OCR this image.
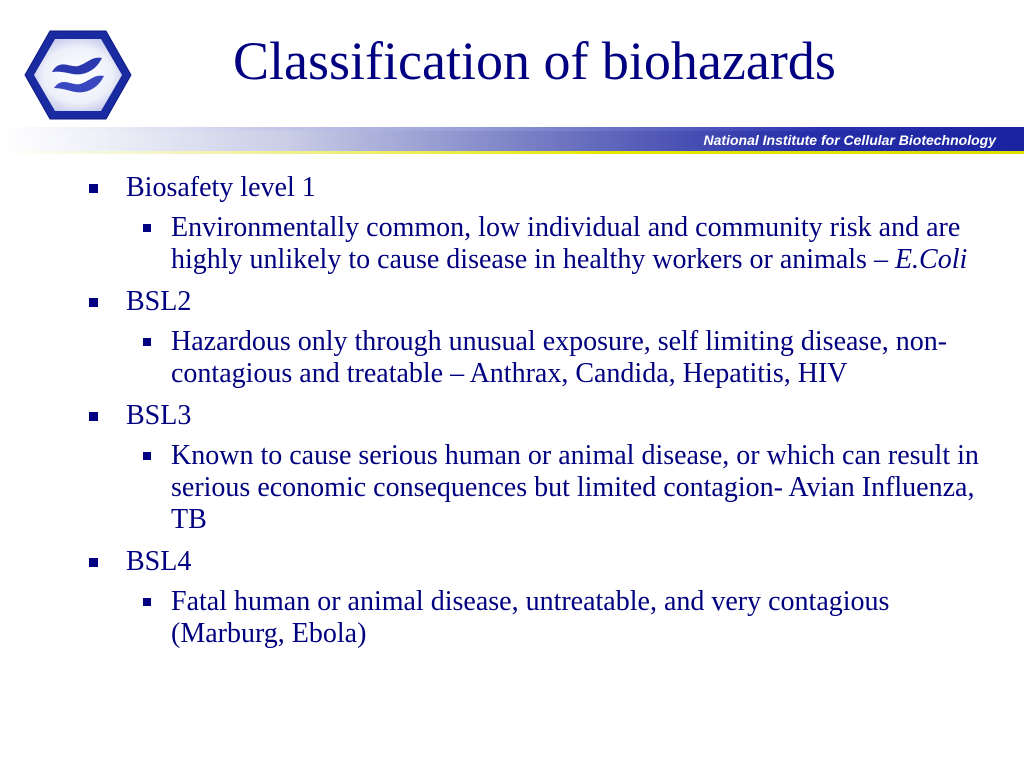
Classification of biohazards
National Institute for Cellular Biotechnology
Biosafety level 1
Environmentally common, low individual and community risk and are highly unlikely to cause disease in healthy workers or animals – E.Coli
BSL2
Hazardous only through unusual exposure, self limiting disease, non-contagious and treatable – Anthrax, Candida, Hepatitis, HIV
BSL3
Known to cause serious human or animal disease, or which can result in serious economic consequences but limited contagion- Avian Influenza, TB
BSL4
Fatal human or animal disease, untreatable, and very contagious (Marburg, Ebola)
